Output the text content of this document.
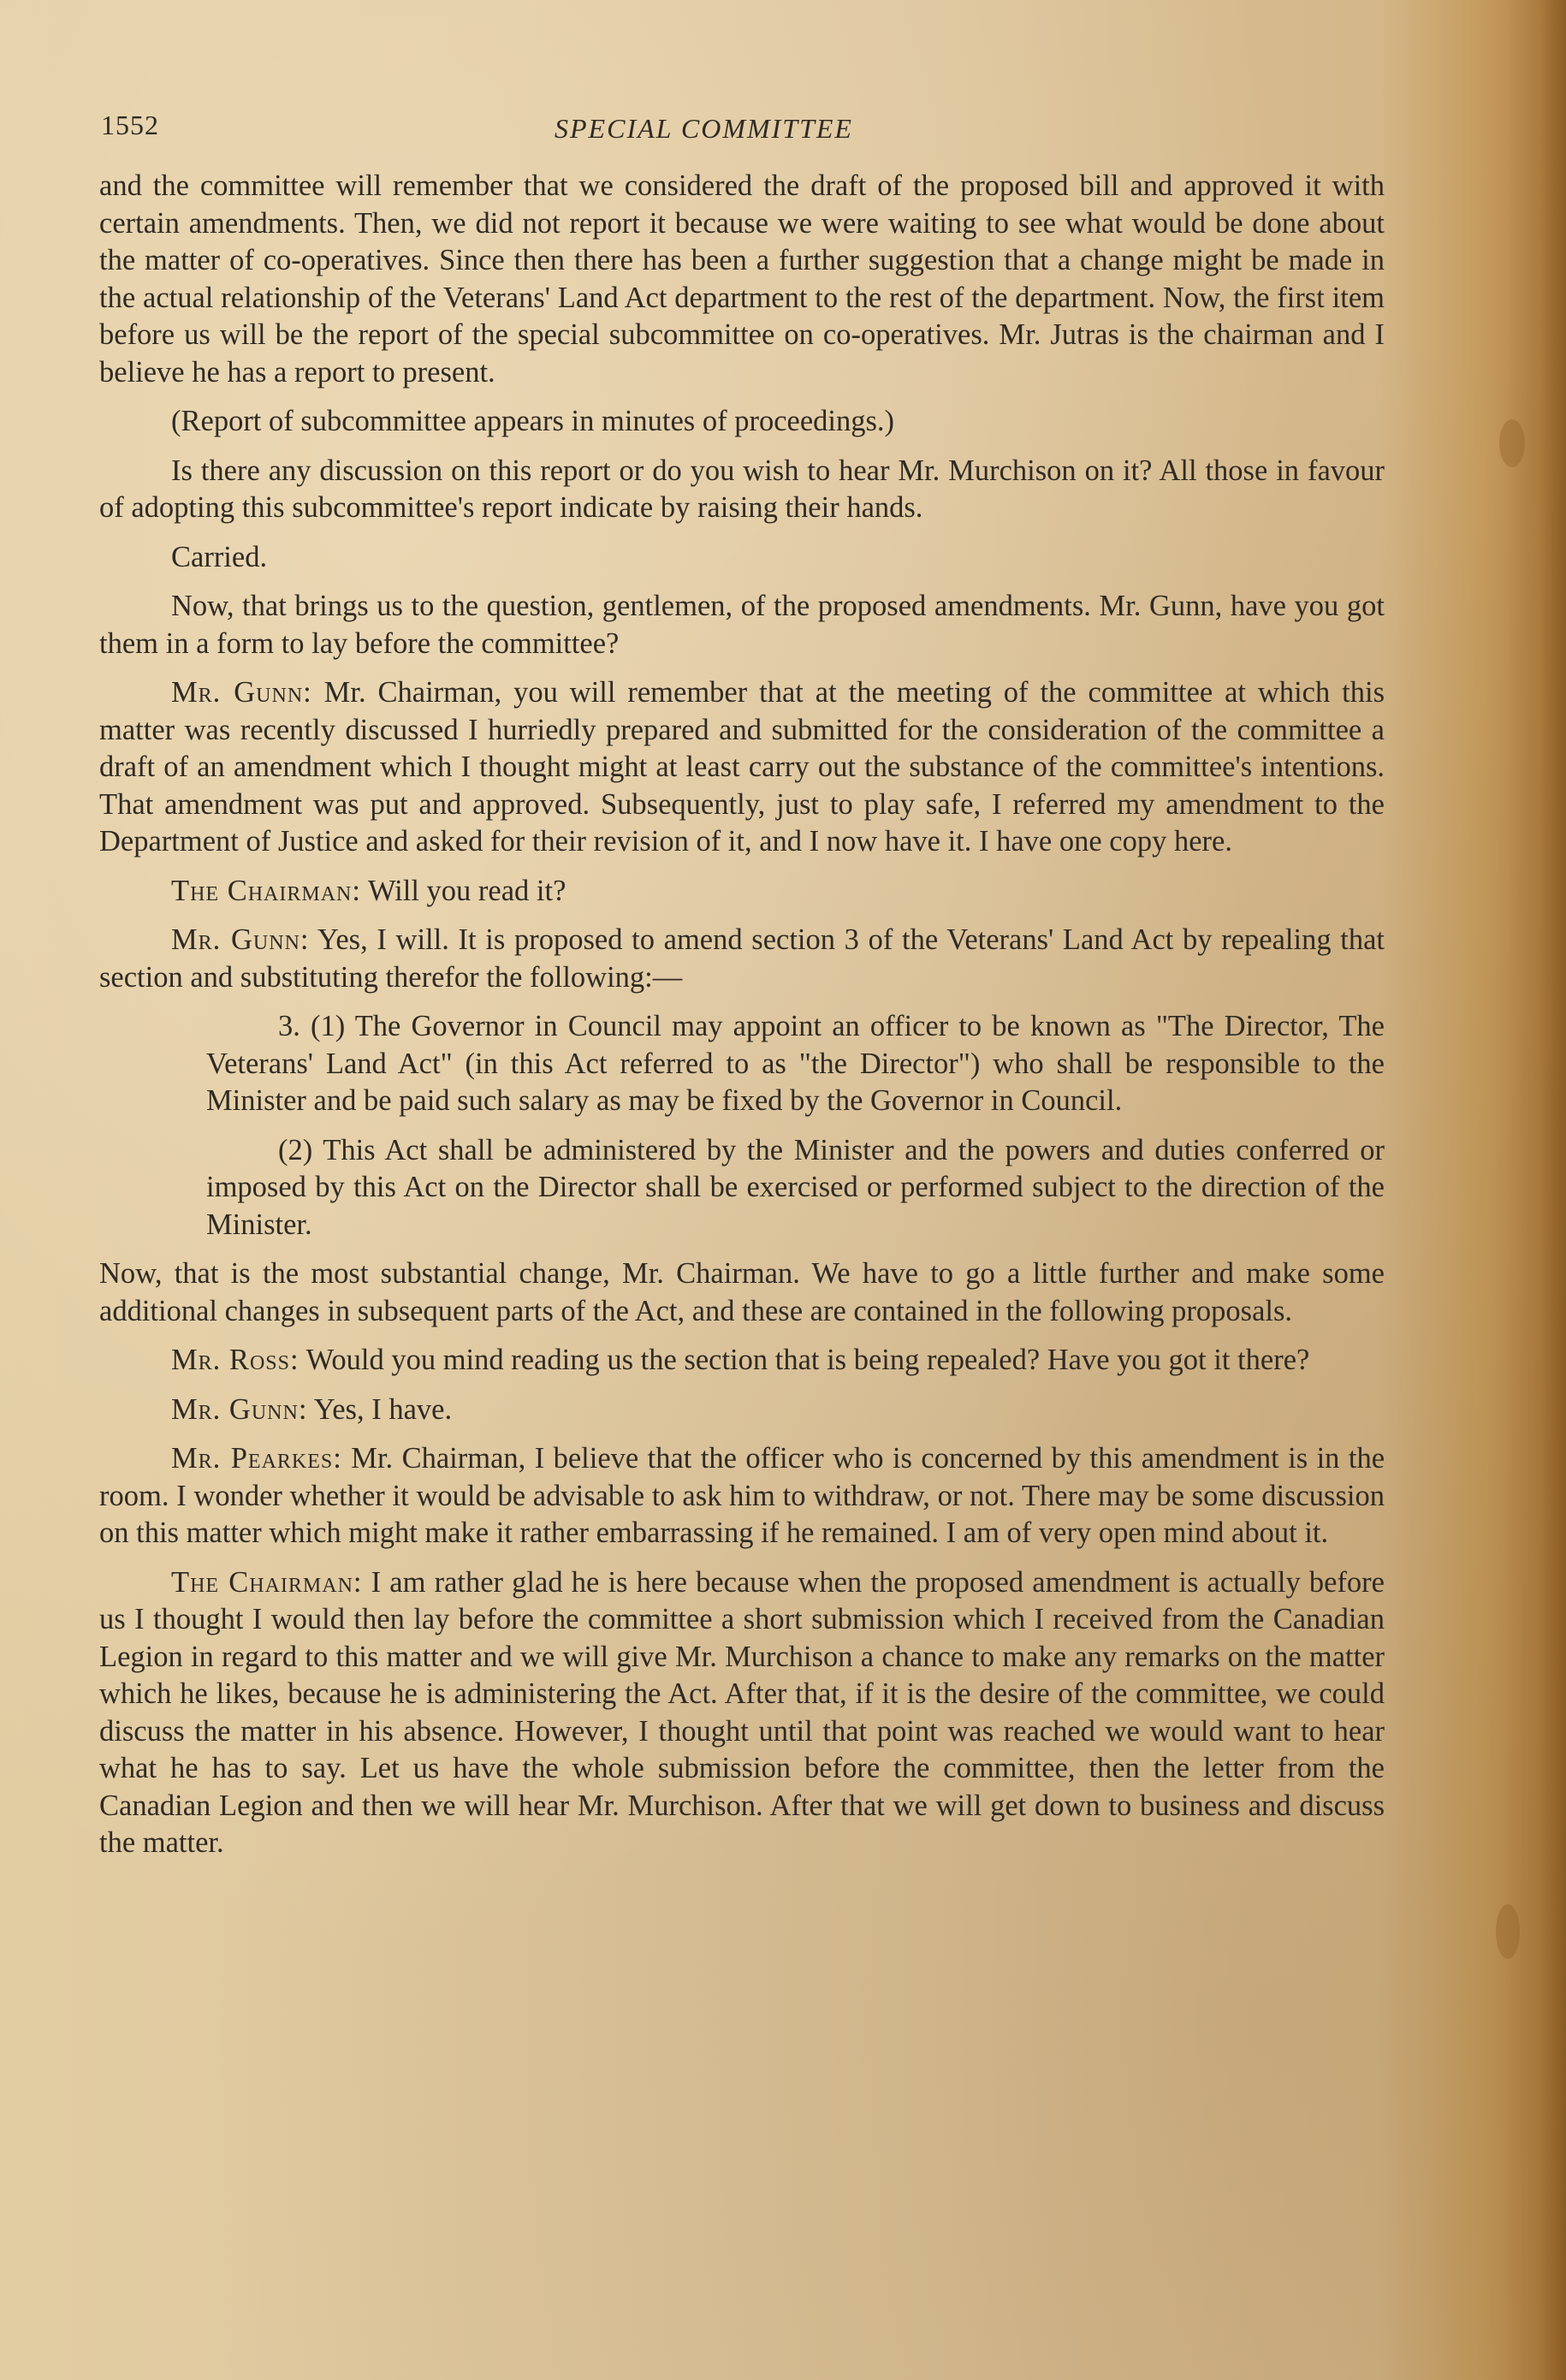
1552	SPECIAL COMMITTEE

and the committee will remember that we considered the draft of the proposed bill and approved it with certain amendments. Then, we did not report it because we were waiting to see what would be done about the matter of co-operatives. Since then there has been a further suggestion that a change might be made in the actual relationship of the Veterans' Land Act department to the rest of the department. Now, the first item before us will be the report of the special subcommittee on co-operatives. Mr. Jutras is the chairman and I believe he has a report to present.

(Report of subcommittee appears in minutes of proceedings.)

Is there any discussion on this report or do you wish to hear Mr. Murchison on it? All those in favour of adopting this subcommittee's report indicate by raising their hands.

Carried.

Now, that brings us to the question, gentlemen, of the proposed amendments. Mr. Gunn, have you got them in a form to lay before the committee?

Mr. Gunn: Mr. Chairman, you will remember that at the meeting of the committee at which this matter was recently discussed I hurriedly prepared and submitted for the consideration of the committee a draft of an amendment which I thought might at least carry out the substance of the committee's intentions. That amendment was put and approved. Subsequently, just to play safe, I referred my amendment to the Department of Justice and asked for their revision of it, and I now have it. I have one copy here.

The Chairman: Will you read it?

Mr. Gunn: Yes, I will. It is proposed to amend section 3 of the Veterans' Land Act by repealing that section and substituting therefor the following:—

3. (1) The Governor in Council may appoint an officer to be known as "The Director, The Veterans' Land Act" (in this Act referred to as "the Director") who shall be responsible to the Minister and be paid such salary as may be fixed by the Governor in Council.

(2) This Act shall be administered by the Minister and the powers and duties conferred or imposed by this Act on the Director shall be exercised or performed subject to the direction of the Minister.

Now, that is the most substantial change, Mr. Chairman. We have to go a little further and make some additional changes in subsequent parts of the Act, and these are contained in the following proposals.

Mr. Ross: Would you mind reading us the section that is being repealed? Have you got it there?

Mr. Gunn: Yes, I have.

Mr. Pearkes: Mr. Chairman, I believe that the officer who is concerned by this amendment is in the room. I wonder whether it would be advisable to ask him to withdraw, or not. There may be some discussion on this matter which might make it rather embarrassing if he remained. I am of very open mind about it.

The Chairman: I am rather glad he is here because when the proposed amendment is actually before us I thought I would then lay before the committee a short submission which I received from the Canadian Legion in regard to this matter and we will give Mr. Murchison a chance to make any remarks on the matter which he likes, because he is administering the Act. After that, if it is the desire of the committee, we could discuss the matter in his absence. However, I thought until that point was reached we would want to hear what he has to say. Let us have the whole submission before the committee, then the letter from the Canadian Legion and then we will hear Mr. Murchison. After that we will get down to business and discuss the matter.
